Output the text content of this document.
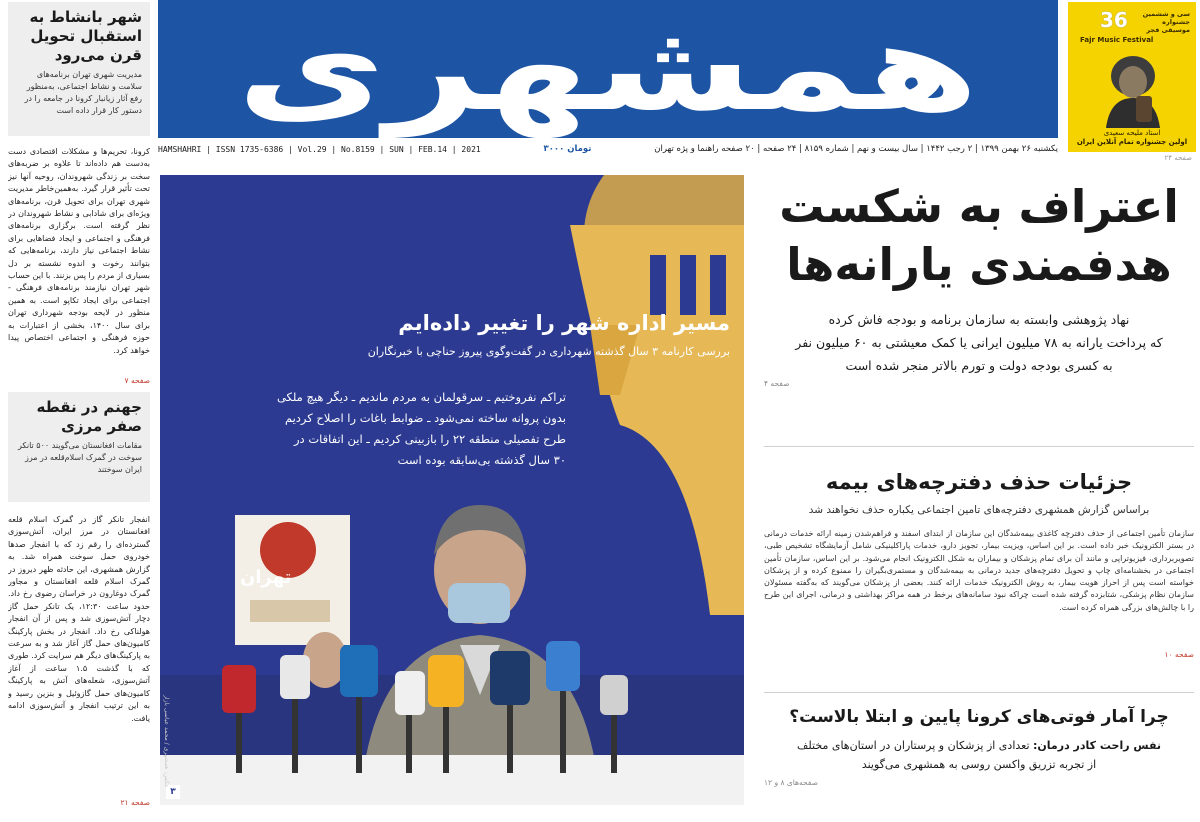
همشهری
HAMSHAHRI | ISSN 1735-6386 | Vol.29 | No.8159 | SUN | FEB.14 | 2021	۳۰۰۰ تومان	یکشنبه ۲۶ بهمن ۱۳۹۹ | ۲ رجب ۱۴۴۲ | سال بیست و نهم | شماره ۸۱۵۹ | ۲۴ صفحه | ۲۰ صفحه راهنما و پژه تهران
36	سی و ششمین جشنواره موسیقی فجر
Fajr Music Festival
استاد ملیحه سعیدی
اولین جشنواره تمام آنلاین ایران
صفحه ۲۴
شهر بانشاط به استقبال تحویل قرن می‌رود

مدیریت شهری تهران برنامه‌های سلامت و نشاط اجتماعی، به‌منظور رفع آثار زیانبار کرونا در جامعه را در دستور کار قرار داده است

کرونا، تحریم‌ها و مشکلات اقتصادی دست به‌دست هم داده‌اند تا علاوه بر ضربه‌های سخت بر زندگی شهروندان، روحیه آنها نیز تحت تأثیر قرار گیرد. به‌همین‌خاطر مدیریت شهری تهران برای تحویل قرن، برنامه‌های ویژه‌ای برای شادابی و نشاط شهروندان در نظر گرفته است. برگزاری برنامه‌های فرهنگی و اجتماعی و ایجاد فضاهایی برای نشاط اجتماعی نیاز دارند، برنامه‌هایی که بتوانند رخوت و اندوه نشسته بر دل بسیاری از مردم را پس بزنند. با این حساب شهر تهران نیازمند برنامه‌های فرهنگی - اجتماعی برای ایجاد تکاپو است. به همین منظور در لایحه بودجه شهرداری تهران برای سال ۱۴۰۰، بخشی از اعتبارات به حوزه فرهنگی و اجتماعی اختصاص پیدا خواهد کرد.
صفحه ۷
جهنم در نقطه صفر مرزی

مقامات افغانستان می‌گویند ۵۰۰ تانکر سوخت در گمرک اسلام‌قلعه در مرز ایران سوختند

انفجار تانکر گاز در گمرک اسلام قلعه افغانستان در مرز ایران، آتش‌سوزی گسترده‌ای را رقم زد که با انفجار صدها خودروی حمل سوخت همراه شد. به گزارش همشهری، این حادثه ظهر دیروز در گمرک اسلام قلعه افغانستان و مجاور گمرک دوغارون در خراسان رضوی رخ داد. حدود ساعت ۱۲:۳۰، یک تانکر حمل گاز دچار آتش‌سوزی شد و پس از آن انفجار هولناکی رخ داد. انفجار در بخش پارکینگ کامیون‌های حمل گاز آغاز شد و به سرعت به پارکینگ‌های دیگر هم سرایت کرد. طوری که با گذشت ۱.۵ ساعت از آغاز آتش‌سوزی، شعله‌های آتش به پارکینگ کامیون‌های حمل گازوئیل و بنزین رسید و به این ترتیب انفجار و آتش‌سوزی ادامه یافت.
صفحه ۲۱
مسیر اداره شهر را تغییر داده‌ایم
بررسی کارنامه ۳ سال گذشته شهرداری در گفت‌وگوی پیروز حناچی با خبرنگاران
تراکم نفروختیم ـ سرقولمان به مردم ماندیم ـ دیگر هیچ ملکی
بدون پروانه ساخته نمی‌شود ـ ضوابط باغات را اصلاح کردیم
طرح تفصیلی منطقه ۲۲ را بازبینی کردیم ـ این اتفاقات در
۳۰ سال گذشته بی‌سابقه بوده است
تهران
۳
عکس: همشهری / محمد عباسی بازار
اعتراف به شکست
هدفمندی یارانه‌ها
نهاد پژوهشی وابسته به سازمان برنامه و بودجه فاش کرده
که پرداخت یارانه به ۷۸ میلیون ایرانی یا کمک معیشتی به ۶۰ میلیون نفر
به کسری بودجه دولت و تورم بالاتر منجر شده است
صفحه ۴
جزئیات حذف دفترچه‌های بیمه
براساس گزارش همشهری دفترچه‌های تامین اجتماعی یکباره حذف نخواهند شد
سازمان تأمین اجتماعی از حذف دفترچه کاغذی بیمه‌شدگان این سازمان از ابتدای اسفند و فراهم‌شدن زمینه ارائه خدمات درمانی در بستر الکترونیک خبر داده است. بر این اساس، ویزیت بیمار، تجویز دارو، خدمات پاراکلینیکی شامل آزمایشگاه تشخیص طبی، تصویربرداری، فیزیوتراپی و مانند آن برای تمام پزشکان و بیماران به شکل الکترونیک انجام می‌شود. بر این اساس، سازمان تأمین اجتماعی در بخشنامه‌ای چاپ و تحویل دفترچه‌های جدید درمانی به بیمه‌شدگان و مستمری‌بگیران را ممنوع کرده و از پزشکان خواسته است پس از احراز هویت بیمار، به روش الکترونیک خدمات ارائه کنند. بعضی از پزشکان می‌گویند که به‌گفته مسئولان سازمان نظام پزشکی، شتابزده گرفته شده است چراکه نبود سامانه‌های برخط در همه مراکز بهداشتی و درمانی، اجرای این طرح را با چالش‌های بزرگی همراه کرده است.
صفحه ۱۰
چرا آمار فوتی‌های کرونا پایین و ابتلا بالاست؟
نفس راحت کادر درمان: تعدادی از پزشکان و پرستاران در استان‌های مختلف
از تجربه تزریق واکسن روسی به همشهری می‌گویند
صفحه‌های ۸ و ۱۲
